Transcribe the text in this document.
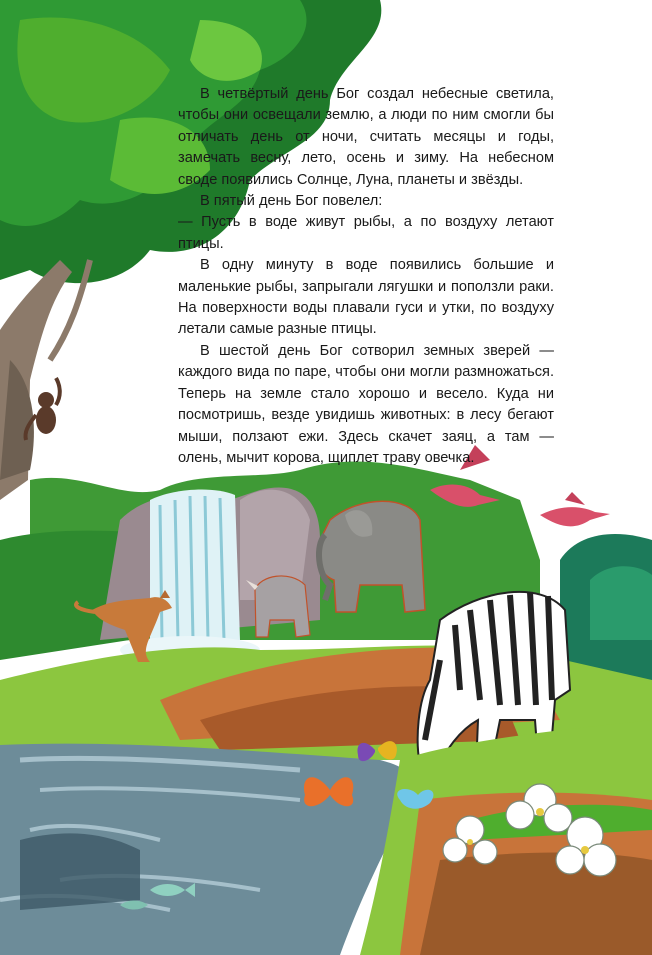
В четвёртый день Бог создал небесные светила, чтобы они освещали землю, а люди по ним смогли бы отличать день от ночи, считать месяцы и годы, замечать весну, лето, осень и зиму. На небесном своде появились Солнце, Луна, планеты и звёзды.

В пятый день Бог повелел:

— Пусть в воде живут рыбы, а по воздуху летают птицы.

В одну минуту в воде появились большие и маленькие рыбы, запрыгали лягушки и поползли раки. На поверхности воды плавали гуси и утки, по воздуху летали самые разные птицы.

В шестой день Бог сотворил земных зверей — каждого вида по паре, чтобы они могли размножаться. Теперь на земле стало хорошо и весело. Куда ни посмотришь, везде увидишь животных: в лесу бегают мыши, ползают ежи. Здесь скачет заяц, а там — олень, мычит корова, щиплет траву овечка.
